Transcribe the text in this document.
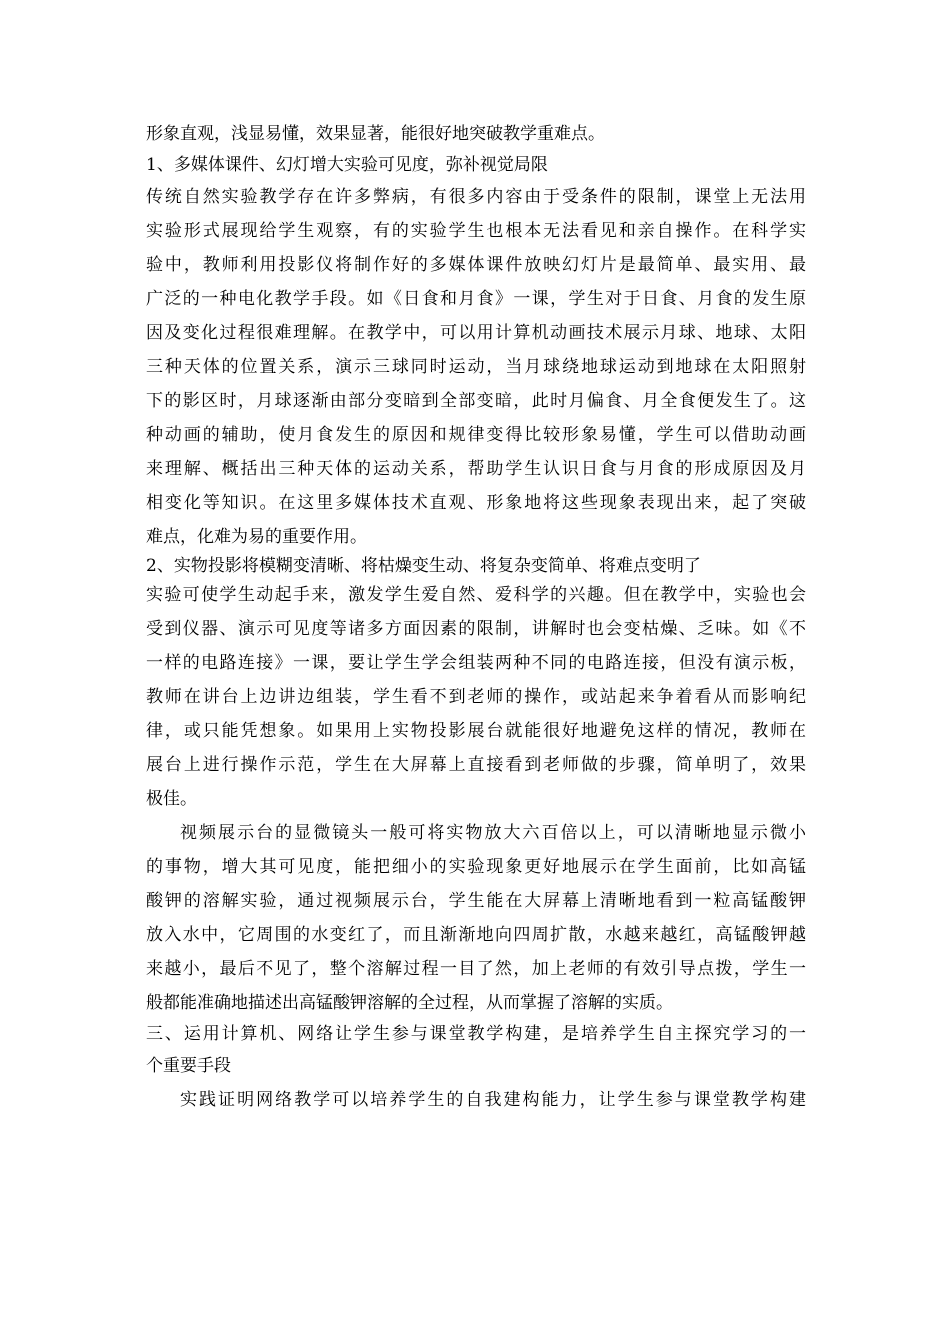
形象直观，浅显易懂，效果显著，能很好地突破教学重难点。
1、多媒体课件、幻灯增大实验可见度，弥补视觉局限
传统自然实验教学存在许多弊病，有很多内容由于受条件的限制，课堂上无法用
实验形式展现给学生观察，有的实验学生也根本无法看见和亲自操作。在科学实
验中，教师利用投影仪将制作好的多媒体课件放映幻灯片是最简单、最实用、最
广泛的一种电化教学手段。如《日食和月食》一课，学生对于日食、月食的发生原
因及变化过程很难理解。在教学中，可以用计算机动画技术展示月球、地球、太阳
三种天体的位置关系，演示三球同时运动，当月球绕地球运动到地球在太阳照射
下的影区时，月球逐渐由部分变暗到全部变暗，此时月偏食、月全食便发生了。这
种动画的辅助，使月食发生的原因和规律变得比较形象易懂，学生可以借助动画
来理解、概括出三种天体的运动关系，帮助学生认识日食与月食的形成原因及月
相变化等知识。在这里多媒体技术直观、形象地将这些现象表现出来，起了突破
难点，化难为易的重要作用。
2、实物投影将模糊变清晰、将枯燥变生动、将复杂变简单、将难点变明了
实验可使学生动起手来，激发学生爱自然、爱科学的兴趣。但在教学中，实验也会
受到仪器、演示可见度等诸多方面因素的限制，讲解时也会变枯燥、乏味。如《不
一样的电路连接》一课，要让学生学会组装两种不同的电路连接，但没有演示板，
教师在讲台上边讲边组装，学生看不到老师的操作，或站起来争着看从而影响纪
律，或只能凭想象。如果用上实物投影展台就能很好地避免这样的情况，教师在
展台上进行操作示范，学生在大屏幕上直接看到老师做的步骤，简单明了，效果
极佳。
视频展示台的显微镜头一般可将实物放大六百倍以上，可以清晰地显示微小
的事物，增大其可见度，能把细小的实验现象更好地展示在学生面前，比如高锰
酸钾的溶解实验，通过视频展示台，学生能在大屏幕上清晰地看到一粒高锰酸钾
放入水中，它周围的水变红了，而且渐渐地向四周扩散，水越来越红，高锰酸钾越
来越小，最后不见了，整个溶解过程一目了然，加上老师的有效引导点拨，学生一
般都能准确地描述出高锰酸钾溶解的全过程，从而掌握了溶解的实质。
三、运用计算机、网络让学生参与课堂教学构建，是培养学生自主探究学习的一
个重要手段
实践证明网络教学可以培养学生的自我建构能力，让学生参与课堂教学构建
